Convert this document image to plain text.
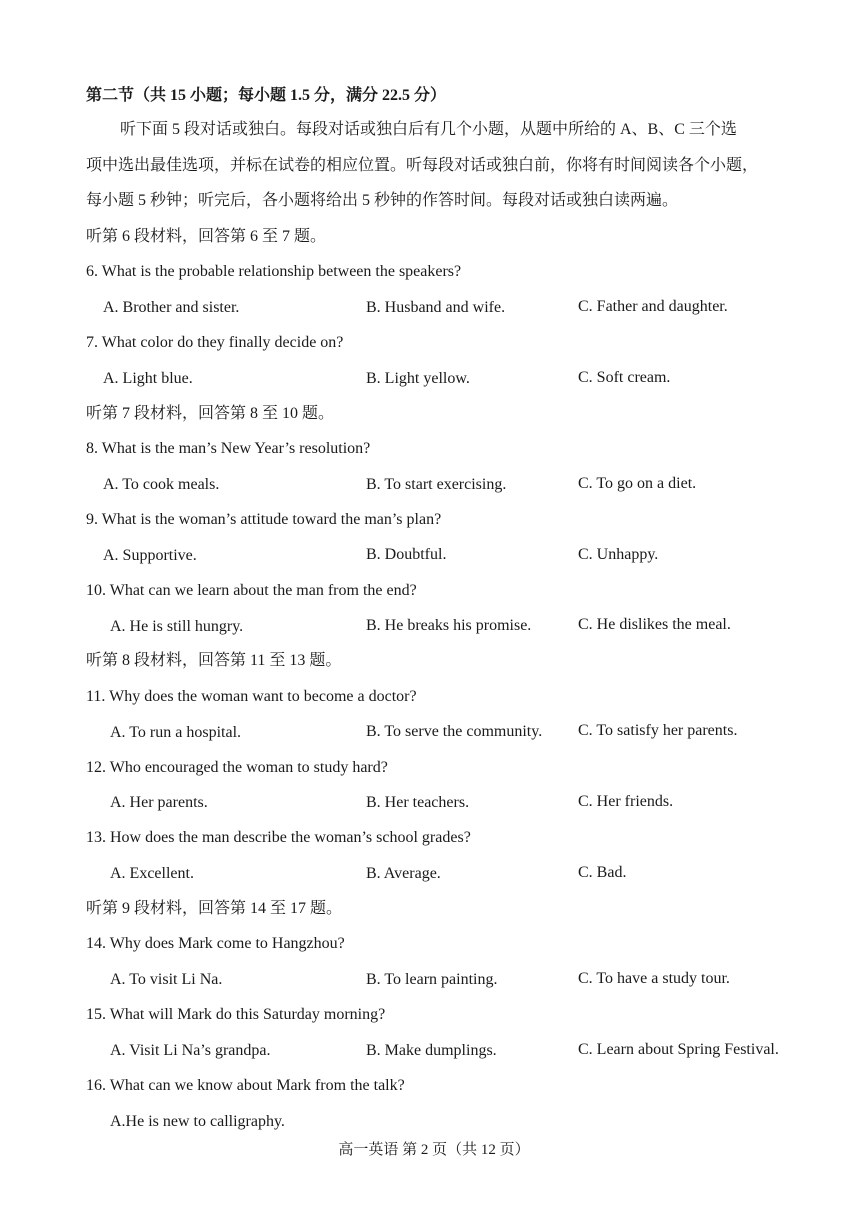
第二节（共 15 小题；每小题 1.5 分，满分 22.5 分）
听下面 5 段对话或独白。每段对话或独白后有几个小题，从题中所给的 A、B、C 三个选
项中选出最佳选项，并标在试卷的相应位置。听每段对话或独白前，你将有时间阅读各个小题，
每小题 5 秒钟；听完后，各小题将给出 5 秒钟的作答时间。每段对话或独白读两遍。
听第 6 段材料，回答第 6 至 7 题。
6. What is the probable relationship between the speakers?
A. Brother and sister.	B. Husband and wife.	C. Father and daughter.
7. What color do they finally decide on?
A. Light blue.	B. Light yellow.	C. Soft cream.
听第 7 段材料，回答第 8 至 10 题。
8. What is the man’s New Year’s resolution?
A. To cook meals.	B. To start exercising.	C. To go on a diet.
9. What is the woman’s attitude toward the man’s plan?
A. Supportive.	B. Doubtful.	C. Unhappy.
10. What can we learn about the man from the end?
A. He is still hungry.	B. He breaks his promise.	C. He dislikes the meal.
听第 8 段材料，回答第 11 至 13 题。
11. Why does the woman want to become a doctor?
A. To run a hospital.	B. To serve the community. C. To satisfy her parents.
12. Who encouraged the woman to study hard?
A. Her parents.	B. Her teachers.	C. Her friends.
13. How does the man describe the woman’s school grades?
A. Excellent.	B. Average.	C. Bad.
听第 9 段材料，回答第 14 至 17 题。
14. Why does Mark come to Hangzhou?
A. To visit Li Na.	B. To learn painting.	C. To have a study tour.
15. What will Mark do this Saturday morning?
A. Visit Li Na’s grandpa.	B. Make dumplings.	C. Learn about Spring Festival.
16. What can we know about Mark from the talk?
A.He is new to calligraphy.
高一英语 第 2 页（共 12 页）
